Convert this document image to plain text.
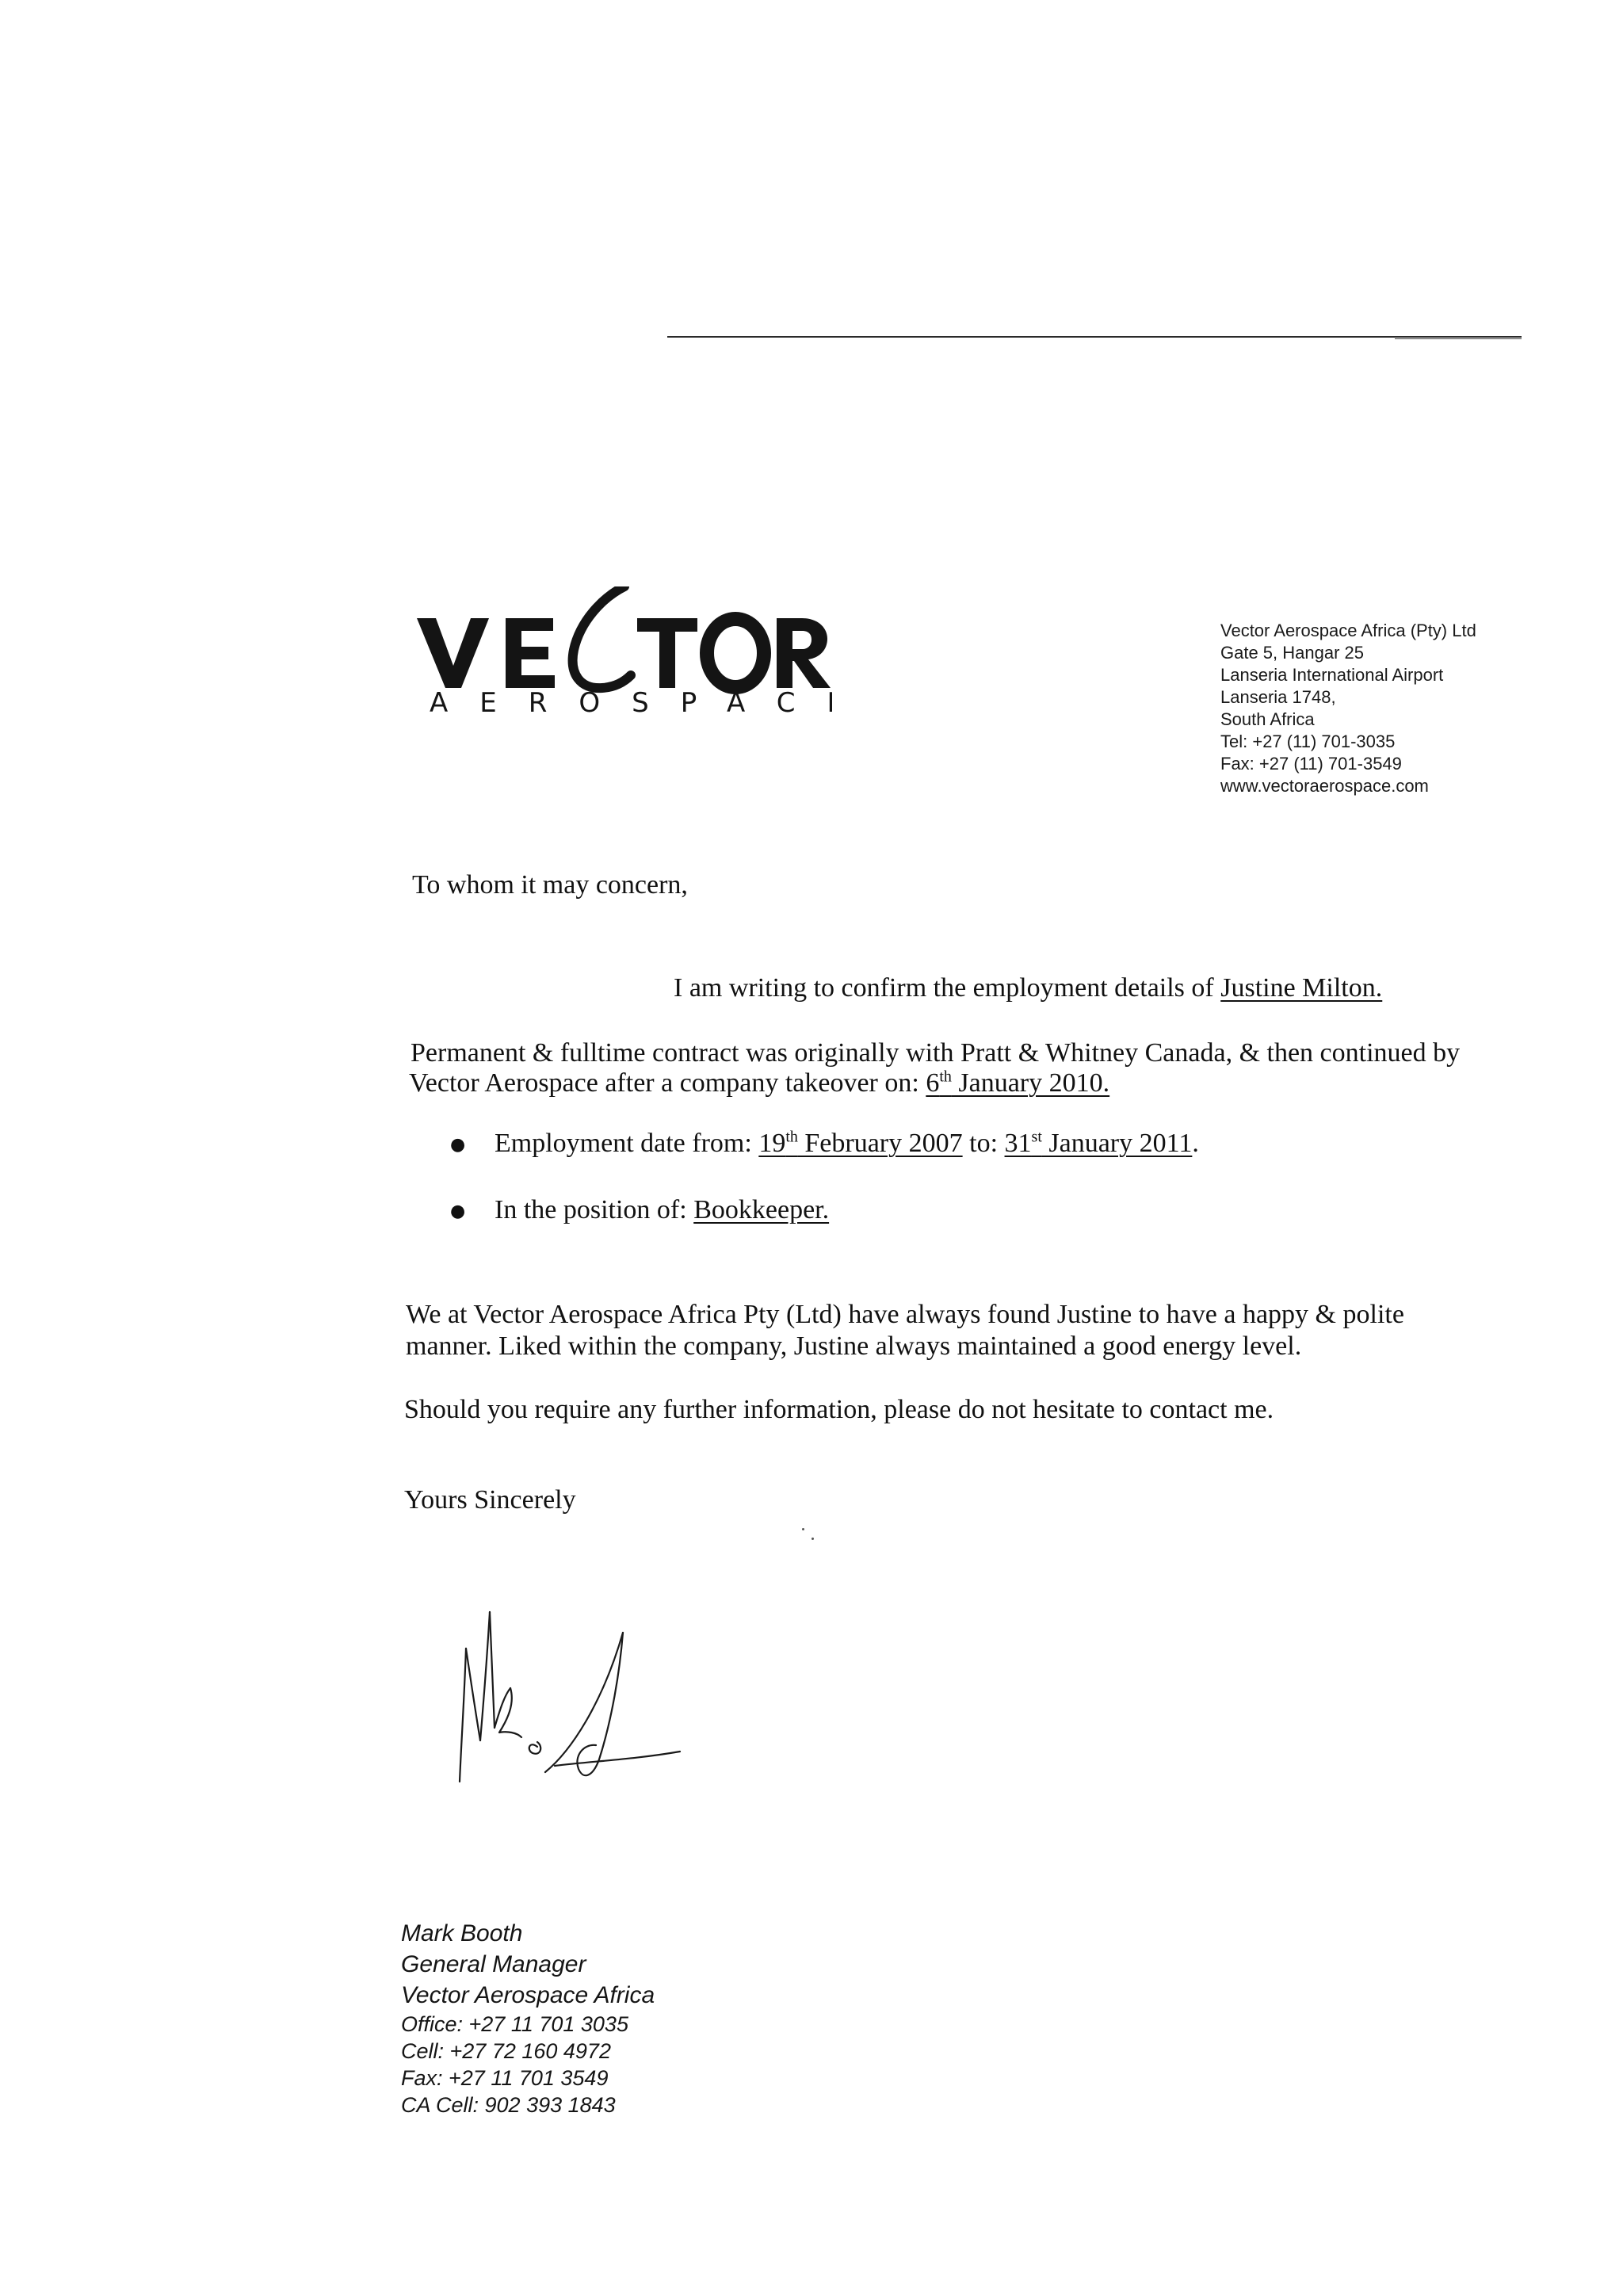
AEROSPACE
Vector Aerospace Africa (Pty) Ltd
Gate 5, Hangar 25
Lanseria International Airport
Lanseria 1748,
South Africa
Tel: +27 (11) 701-3035
Fax: +27 (11) 701-3549
www.vectoraerospace.com
To whom it may concern,
I am writing to confirm the employment details of Justine Milton.
Permanent & fulltime contract was originally with Pratt & Whitney Canada, & then continued by
Vector Aerospace after a company takeover on: 6th January 2010.
● Employment date from: 19th February 2007 to: 31st January 2011.
● In the position of: Bookkeeper.
We at Vector Aerospace Africa Pty (Ltd) have always found Justine to have a happy & polite
manner. Liked within the company, Justine always maintained a good energy level.
Should you require any further information, please do not hesitate to contact me.
Yours Sincerely
Mark Booth
General Manager
Vector Aerospace Africa
Office: +27 11 701 3035
Cell: +27 72 160 4972
Fax: +27 11 701 3549
CA Cell: 902 393 1843
